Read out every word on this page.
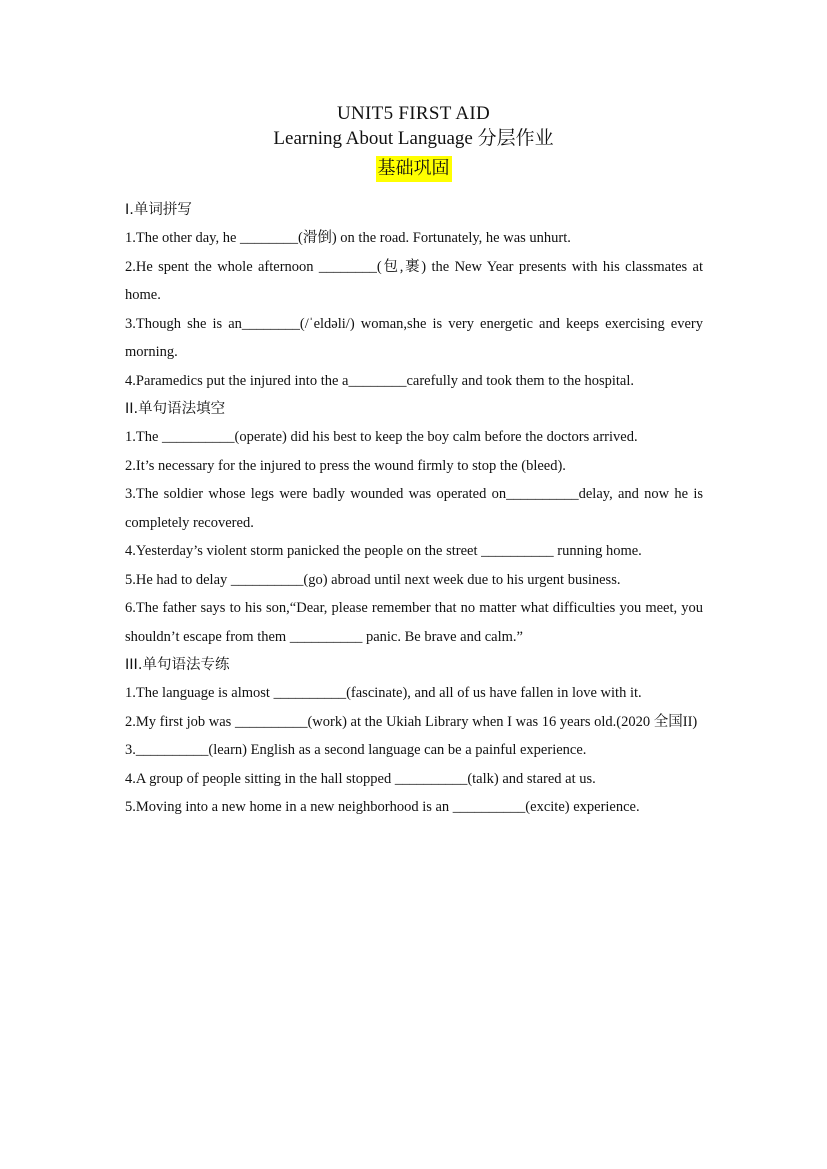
UNIT5 FIRST AID
Learning About Language 分层作业
基础巩固

I.单词拼写

1.The other day, he ________(滑倒) on the road. Fortunately, he was unhurt.

2.He spent the whole afternoon ________(包,裹) the New Year presents with his classmates at home.

3.Though she is an________(/ˈeldəli/) woman,she is very energetic and keeps exercising every morning.

4.Paramedics put the injured into the a________carefully and took them to the hospital.

II.单句语法填空

1.The __________(operate) did his best to keep the boy calm before the doctors arrived.

2.It’s necessary for the injured to press the wound firmly to stop the (bleed).

3.The soldier whose legs were badly wounded was operated on__________delay, and now he is completely recovered.

4.Yesterday’s violent storm panicked the people on the street __________ running home.

5.He had to delay __________(go) abroad until next week due to his urgent business.

6.The father says to his son,“Dear, please remember that no matter what difficulties you meet, you shouldn’t escape from them __________ panic. Be brave and calm.”

III.单句语法专练

1.The language is almost __________(fascinate), and all of us have fallen in love with it.

2.My first job was __________(work) at the Ukiah Library when I was 16 years old.(2020 全国II)

3.__________(learn) English as a second language can be a painful experience.

4.A group of people sitting in the hall stopped __________(talk) and stared at us.

5.Moving into a new home in a new neighborhood is an __________(excite) experience.
